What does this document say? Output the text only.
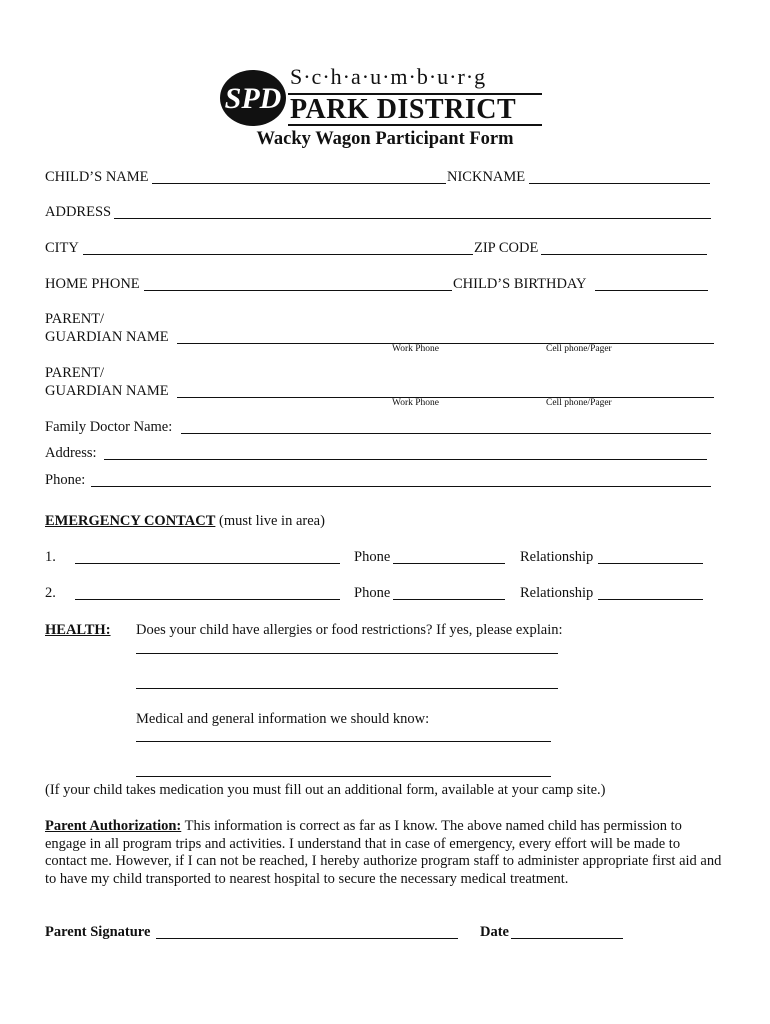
SPD
S·c·h·a·u·m·b·u·r·g
PARK DISTRICT
Wacky Wagon Participant Form
CHILD’S NAME	NICKNAME
ADDRESS
CITY	ZIP CODE
HOME PHONE	CHILD’S BIRTHDAY
PARENT/
GUARDIAN NAME
Work Phone	Cell phone/Pager
PARENT/
GUARDIAN NAME
Work Phone	Cell phone/Pager
Family Doctor Name:
Address:
Phone:
EMERGENCY CONTACT (must live in area)
1.	Phone	Relationship
2.	Phone	Relationship
HEALTH: Does your child have allergies or food restrictions? If yes, please explain:
Medical and general information we should know:
(If your child takes medication you must fill out an additional form, available at your camp site.)
Parent Authorization: This information is correct as far as I know. The above named child has permission to engage in all program trips and activities. I understand that in case of emergency, every effort will be made to contact me. However, if I can not be reached, I hereby authorize program staff to administer appropriate first aid and to have my child transported to nearest hospital to secure the necessary medical treatment.
Parent Signature	Date
